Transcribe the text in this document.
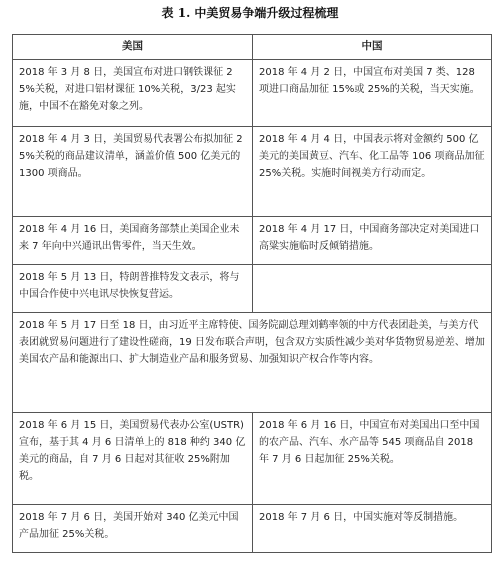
表 1. 中美贸易争端升级过程梳理
美国	中国
2018 年 3 月 8 日，美国宣布对进口钢铁课征 25%关税，对进口铝材课征 10%关税，3/23 起实施，中国不在豁免对象之列。	2018 年 4 月 2 日，中国宣布对美国 7 类、128 项进口商品加征 15%或 25%的关税，当天实施。
2018 年 4 月 3 日，美国贸易代表署公布拟加征 25%关税的商品建议清单，涵盖价值 500 亿美元的 1300 项商品。	2018 年 4 月 4 日，中国表示将对金额约 500 亿美元的美国黄豆、汽车、化工品等 106 项商品加征 25%关税。实施时间视美方行动而定。
2018 年 4 月 16 日，美国商务部禁止美国企业未来 7 年向中兴通讯出售零件，当天生效。	2018 年 4 月 17 日，中国商务部决定对美国进口高粱实施临时反倾销措施。
2018 年 5 月 13 日，特朗普推特发文表示，将与中国合作使中兴电讯尽快恢复营运。	
2018 年 5 月 17 日至 18 日，由习近平主席特使、国务院副总理刘鹤率领的中方代表团赴美，与美方代表团就贸易问题进行了建设性磋商，19 日发布联合声明，包含双方实质性减少美对华货物贸易逆差、增加美国农产品和能源出口、扩大制造业产品和服务贸易、加强知识产权合作等内容。	
2018 年 6 月 15 日，美国贸易代表办公室(USTR)宣布，基于其 4 月 6 日清单上的 818 种约 340 亿美元的商品，自 7 月 6 日起对其征收 25%附加税。	2018 年 6 月 16 日，中国宣布对美国出口至中国的农产品、汽车、水产品等 545 项商品自 2018 年 7 月 6 日起加征 25%关税。
2018 年 7 月 6 日，美国开始对 340 亿美元中国产品加征 25%关税。	2018 年 7 月 6 日，中国实施对等反制措施。
